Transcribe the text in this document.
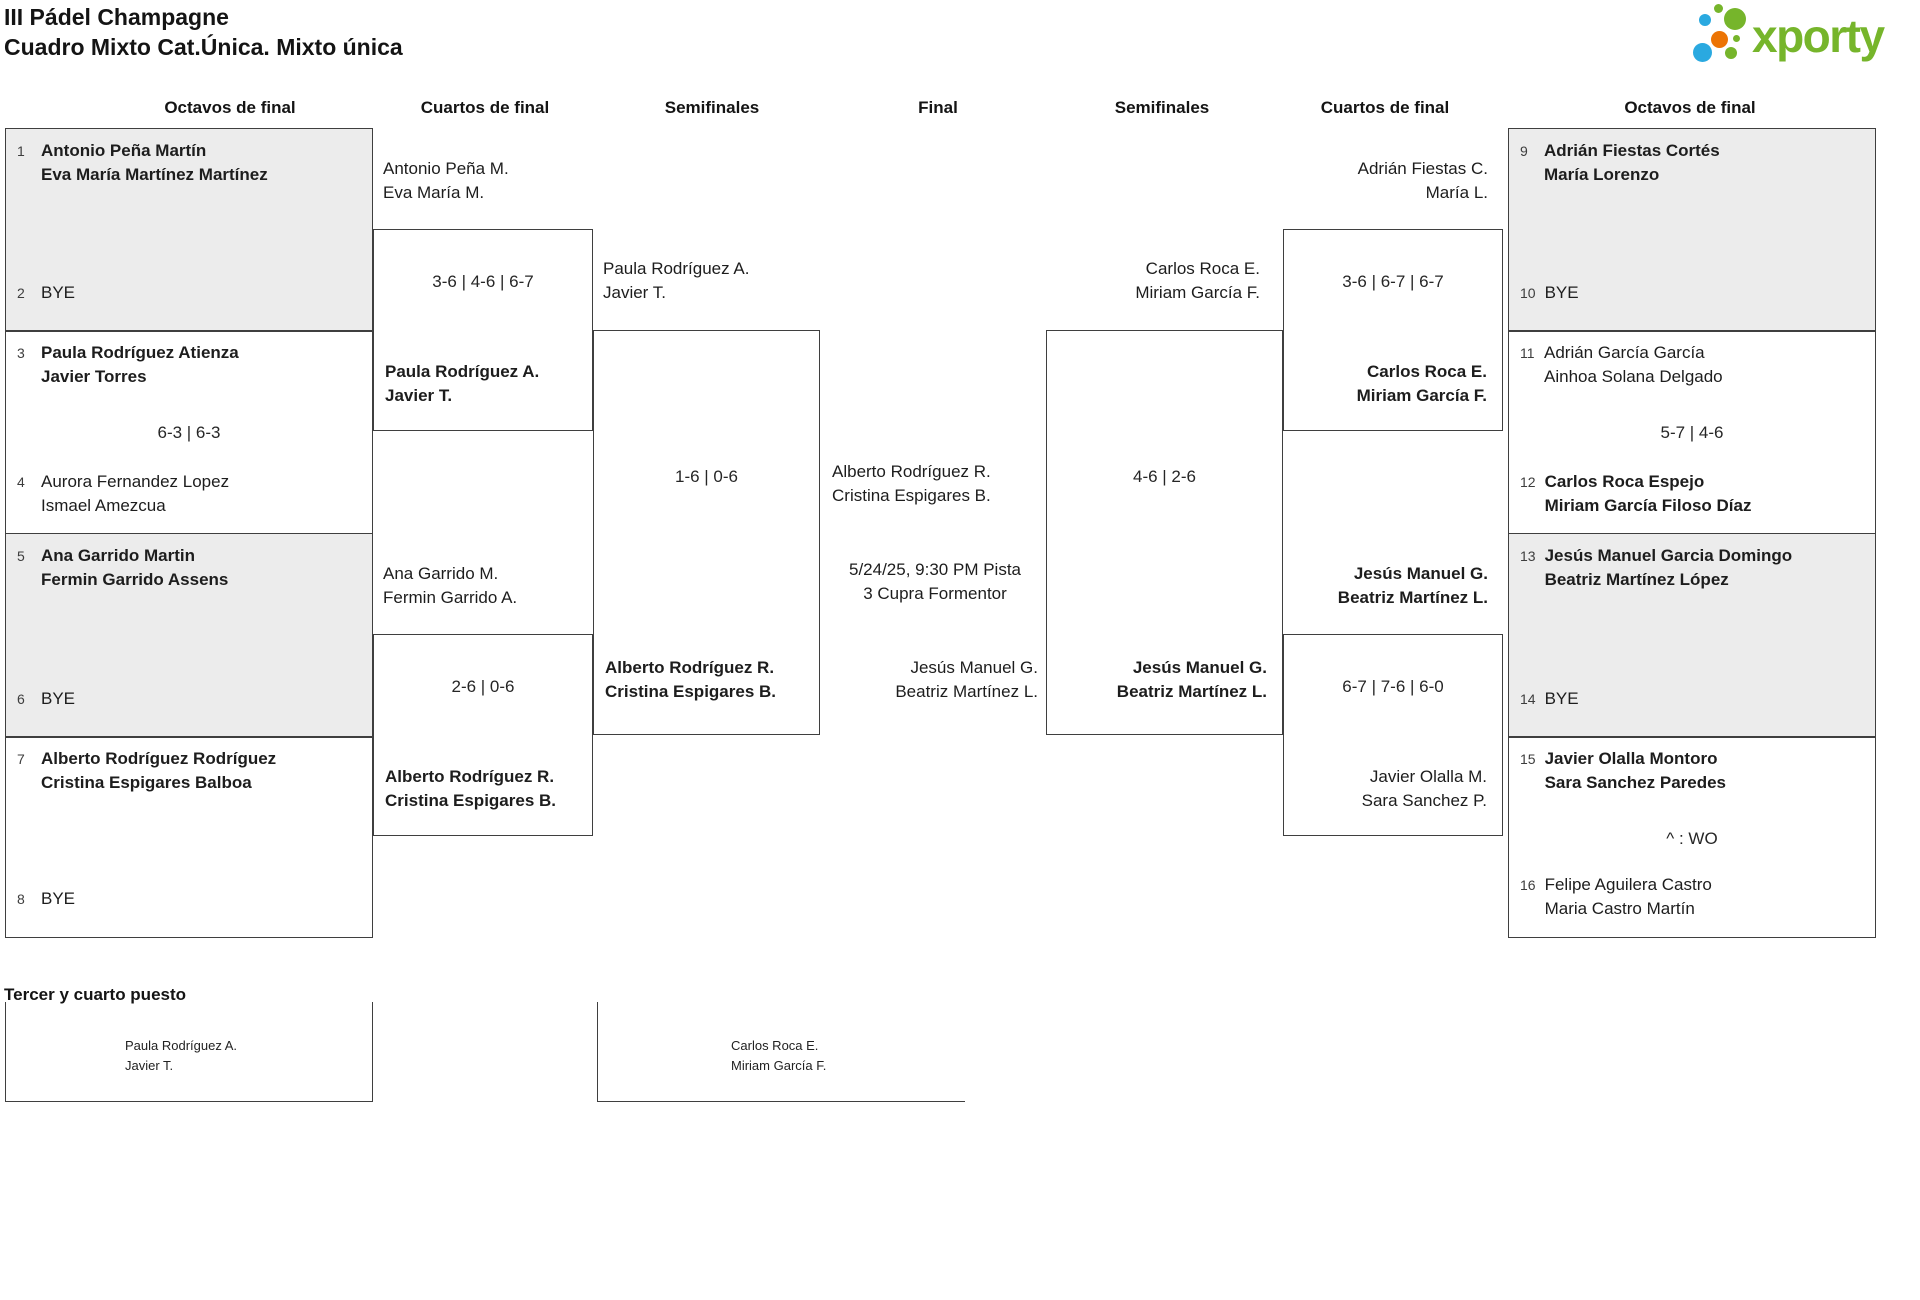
III Pádel Champagne
Cuadro Mixto Cat.Única. Mixto única	xporty
Octavos de final	Cuartos de final	Semifinales	Final	Semifinales	Cuartos de final	Octavos de final
1 Antonio Peña Martín
Eva María Martínez Martínez
2 BYE
3 Paula Rodríguez Atienza
Javier Torres
6-3 | 6-3
4 Aurora Fernandez Lopez
Ismael Amezcua
5 Ana Garrido Martin
Fermin Garrido Assens
6 BYE
7 Alberto Rodríguez Rodríguez
Cristina Espigares Balboa
8 BYE
9 Adrián Fiestas Cortés
María Lorenzo
10 BYE
11 Adrián García García
Ainhoa Solana Delgado
5-7 | 4-6
12 Carlos Roca Espejo
Miriam García Filoso Díaz
13 Jesús Manuel Garcia Domingo
Beatriz Martínez López
14 BYE
15 Javier Olalla Montoro
Sara Sanchez Paredes
^ : WO
16 Felipe Aguilera Castro
Maria Castro Martín
Antonio Peña M.
Eva María M.
3-6 | 4-6 | 6-7
Paula Rodríguez A.
Javier T.
Ana Garrido M.
Fermin Garrido A.
2-6 | 0-6
Alberto Rodríguez R.
Cristina Espigares B.
Paula Rodríguez A.
Javier T.
1-6 | 0-6
Alberto Rodríguez R.
Cristina Espigares B.
Alberto Rodríguez R.
Cristina Espigares B.
5/24/25, 9:30 PM Pista
3 Cupra Formentor
Jesús Manuel G.
Beatriz Martínez L.
Carlos Roca E.
Miriam García F.
4-6 | 2-6
Jesús Manuel G.
Beatriz Martínez L.
Adrián Fiestas C.
María L.
3-6 | 6-7 | 6-7
Carlos Roca E.
Miriam García F.
Jesús Manuel G.
Beatriz Martínez L.
6-7 | 7-6 | 6-0
Javier Olalla M.
Sara Sanchez P.
Tercer y cuarto puesto
Paula Rodríguez A.
Javier T.
Carlos Roca E.
Miriam García F.
